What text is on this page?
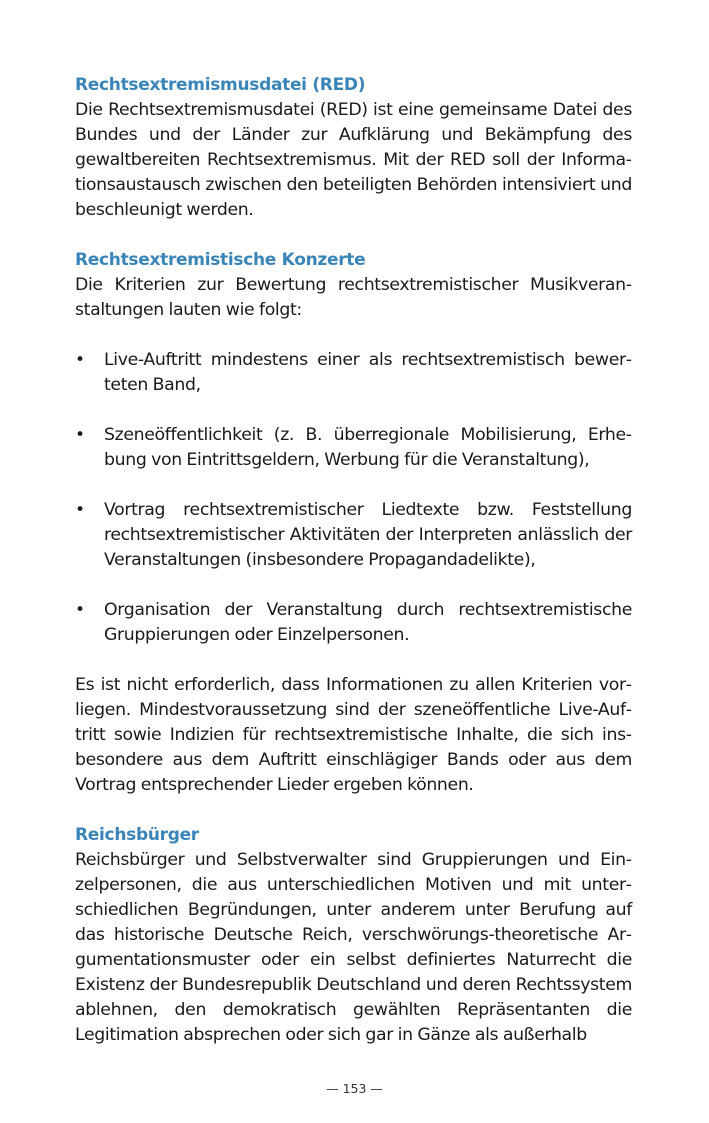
Rechtsextremismusdatei (RED)

Die Rechtsextremismusdatei (RED) ist eine gemeinsame Datei des Bundes und der Länder zur Aufklärung und Bekämpfung des gewaltbereiten Rechtsextremismus. Mit der RED soll der Informationsaustausch zwischen den beteiligten Behörden intensiviert und beschleunigt werden.

Rechtsextremistische Konzerte

Die Kriterien zur Bewertung rechtsextremistischer Musikveranstaltungen lauten wie folgt:

• Live-Auftritt mindestens einer als rechtsextremistisch bewerteten Band,

• Szeneöffentlichkeit (z. B. überregionale Mobilisierung, Erhebung von Eintrittsgeldern, Werbung für die Veranstaltung),

• Vortrag rechtsextremistischer Liedtexte bzw. Feststellung rechtsextremistischer Aktivitäten der Interpreten anlässlich der Veranstaltungen (insbesondere Propagandadelikte),

• Organisation der Veranstaltung durch rechtsextremistische Gruppierungen oder Einzelpersonen.

Es ist nicht erforderlich, dass Informationen zu allen Kriterien vorliegen. Mindestvoraussetzung sind der szeneöffentliche Live-Auftritt sowie Indizien für rechtsextremistische Inhalte, die sich insbesondere aus dem Auftritt einschlägiger Bands oder aus dem Vortrag entsprechender Lieder ergeben können.

Reichsbürger

Reichsbürger und Selbstverwalter sind Gruppierungen und Einzelpersonen, die aus unterschiedlichen Motiven und mit unterschiedlichen Begründungen, unter anderem unter Berufung auf das historische Deutsche Reich, verschwörungs-theoretische Argumentationsmuster oder ein selbst definiertes Naturrecht die Existenz der Bundesrepublik Deutschland und deren Rechtssystem ablehnen, den demokratisch gewählten Repräsentanten die Legitimation absprechen oder sich gar in Gänze als außerhalb

— 153 —
